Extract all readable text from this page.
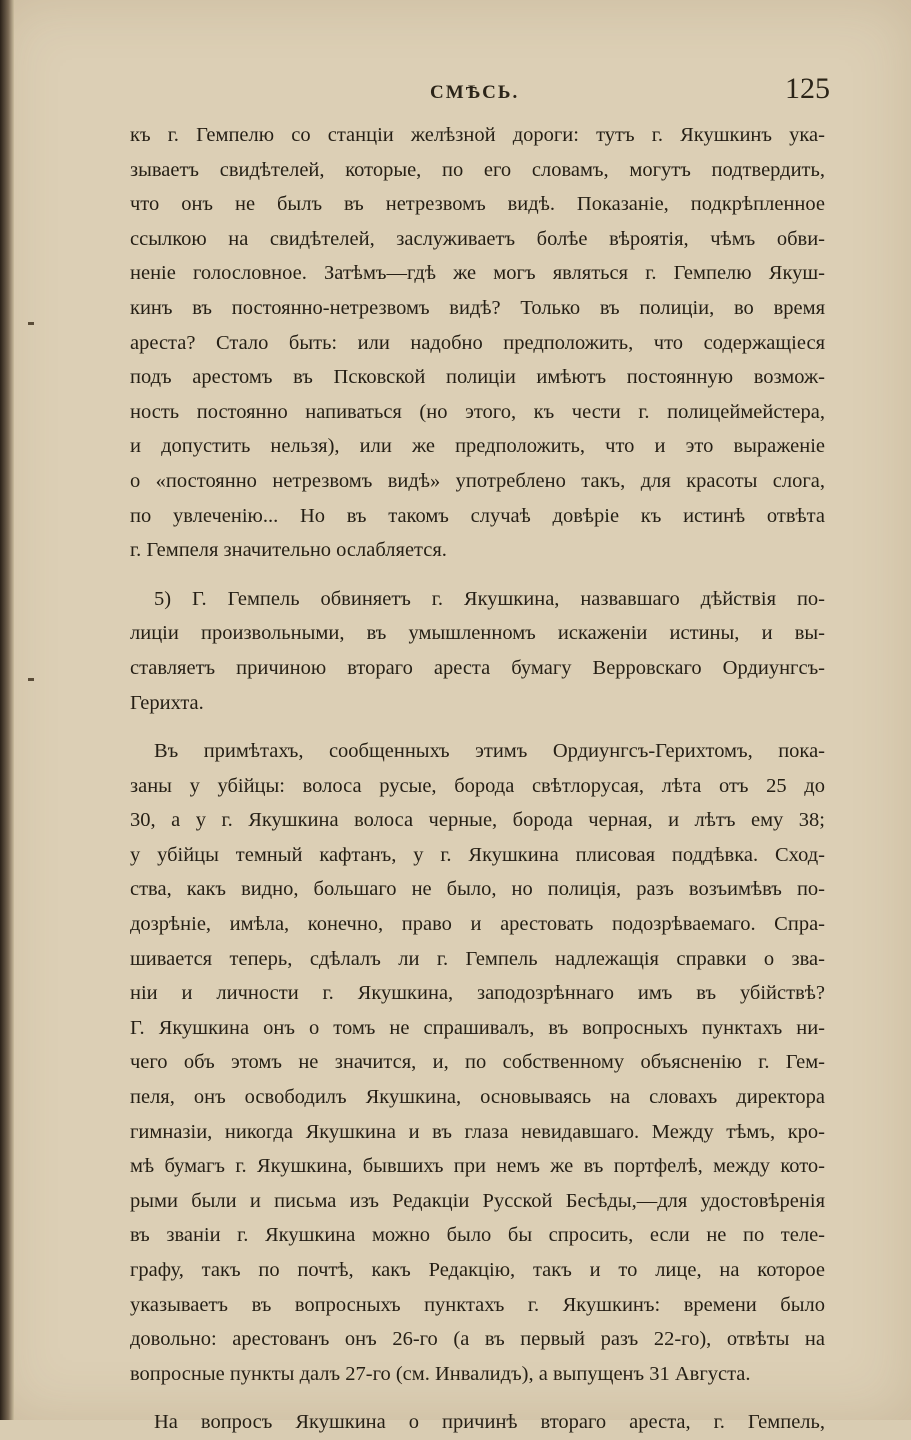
СМѢСЬ.	125
къ г. Гемпелю со станціи желѣзной дороги: тутъ г. Якушкинъ ука-
зываетъ свидѣтелей, которые, по его словамъ, могутъ подтвердить,
что онъ не былъ въ нетрезвомъ видѣ. Показаніе, подкрѣпленное
ссылкою на свидѣтелей, заслуживаетъ болѣе вѣроятія, чѣмъ обви-
неніе голословное. Затѣмъ—гдѣ же могъ являться г. Гемпелю Якуш-
кинъ въ постоянно-нетрезвомъ видѣ? Только въ полиціи, во время
ареста? Стало быть: или надобно предположить, что содержащіеся
подъ арестомъ въ Псковской полиціи имѣютъ постоянную возмож-
ность постоянно напиваться (но этого, къ чести г. полицеймейстера,
и допустить нельзя), или же предположить, что и это выраженіе
о «постоянно нетрезвомъ видѣ» употреблено такъ, для красоты слога,
по увлеченію... Но въ такомъ случаѣ довѣріе къ истинѣ отвѣта
г. Гемпеля значительно ослабляется.
5) Г. Гемпель обвиняетъ г. Якушкина, назвавшаго дѣйствія по-
лиціи произвольными, въ умышленномъ искаженіи истины, и вы-
ставляетъ причиною втораго ареста бумагу Верровскаго Ордиунгсъ-
Герихта.
Въ примѣтахъ, сообщенныхъ этимъ Ордиунгсъ-Герихтомъ, пока-
заны у убійцы: волоса русые, борода свѣтлорусая, лѣта отъ 25 до
30, а у г. Якушкина волоса черные, борода черная, и лѣтъ ему 38;
у убійцы темный кафтанъ, у г. Якушкина плисовая поддѣвка. Сход-
ства, какъ видно, большаго не было, но полиція, разъ возъимѣвъ по-
дозрѣніе, имѣла, конечно, право и арестовать подозрѣваемаго. Спра-
шивается теперь, сдѣлалъ ли г. Гемпель надлежащія справки о зва-
ніи и личности г. Якушкина, заподозрѣннаго имъ въ убійствѣ?
Г. Якушкина онъ о томъ не спрашивалъ, въ вопросныхъ пунктахъ ни-
чего объ этомъ не значится, и, по собственному объясненію г. Гем-
пеля, онъ освободилъ Якушкина, основываясь на словахъ директора
гимназіи, никогда Якушкина и въ глаза невидавшаго. Между тѣмъ, кро-
мѣ бумагъ г. Якушкина, бывшихъ при немъ же въ портфелѣ, между кото-
рыми были и письма изъ Редакціи Русской Бесѣды,—для удостовѣренія
въ званіи г. Якушкина можно было бы спросить, если не по теле-
графу, такъ по почтѣ, какъ Редакцію, такъ и то лице, на которое
указываетъ въ вопросныхъ пунктахъ г. Якушкинъ: времени было
довольно: арестованъ онъ 26-го (а въ первый разъ 22-го), отвѣты на
вопросные пункты далъ 27-го (см. Инвалидъ), а выпущенъ 31 Августа.
На вопросъ Якушкина о причинѣ втораго ареста, г. Гемпель,
